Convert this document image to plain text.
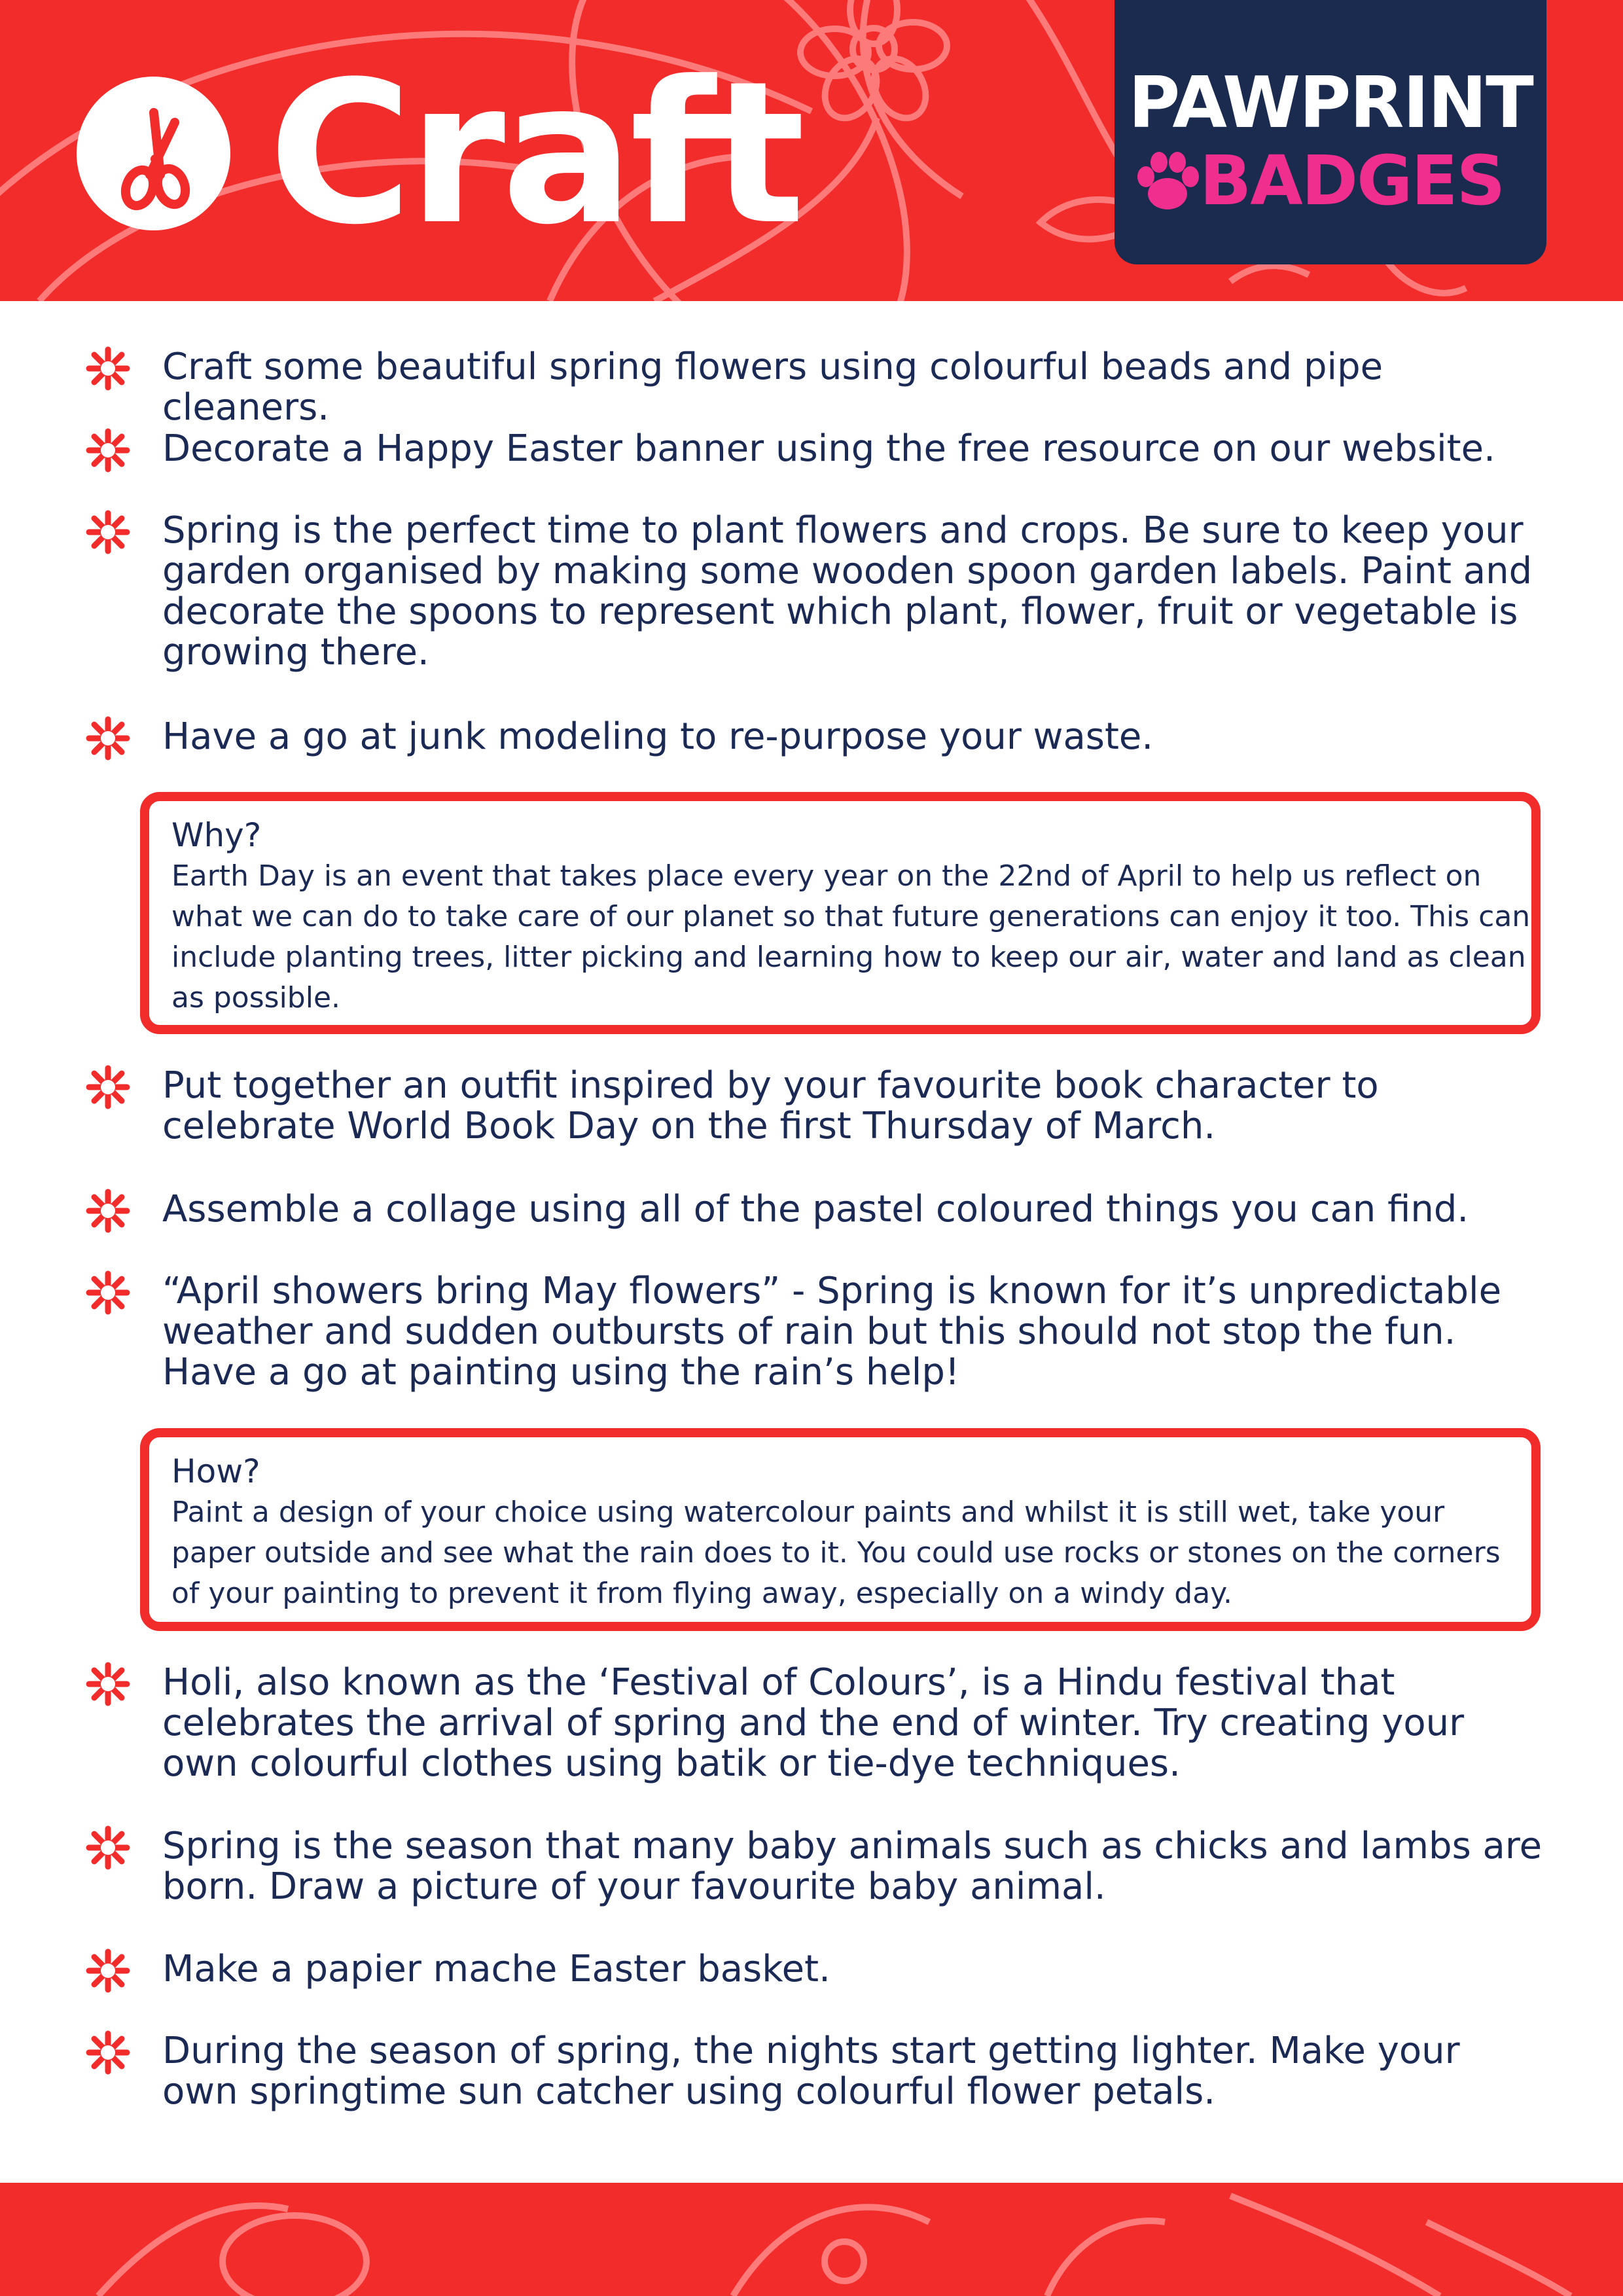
Craft	PAWPRINT
BADGES
Craft some beautiful spring flowers using colourful beads and pipe cleaners.
Decorate a Happy Easter banner using the free resource on our website.
Spring is the perfect time to plant flowers and crops. Be sure to keep your garden organised by making some wooden spoon garden labels. Paint and decorate the spoons to represent which plant, flower, fruit or vegetable is growing there.
Have a go at junk modeling to re-purpose your waste.
Why?
Earth Day is an event that takes place every year on the 22nd of April to help us reflect on what we can do to take care of our planet so that future generations can enjoy it too. This can include planting trees, litter picking and learning how to keep our air, water and land as clean as possible.
Put together an outfit inspired by your favourite book character to celebrate World Book Day on the first Thursday of March.
Assemble a collage using all of the pastel coloured things you can find.
“April showers bring May flowers” - Spring is known for it’s unpredictable weather and sudden outbursts of rain but this should not stop the fun. Have a go at painting using the rain’s help!
How?
Paint a design of your choice using watercolour paints and whilst it is still wet, take your paper outside and see what the rain does to it. You could use rocks or stones on the corners of your painting to prevent it from flying away, especially on a windy day.
Holi, also known as the ‘Festival of Colours’, is a Hindu festival that celebrates the arrival of spring and the end of winter. Try creating your own colourful clothes using batik or tie-dye techniques.
Spring is the season that many baby animals such as chicks and lambs are born. Draw a picture of your favourite baby animal.
Make a papier mache Easter basket.
During the season of spring, the nights start getting lighter. Make your own springtime sun catcher using colourful flower petals.
